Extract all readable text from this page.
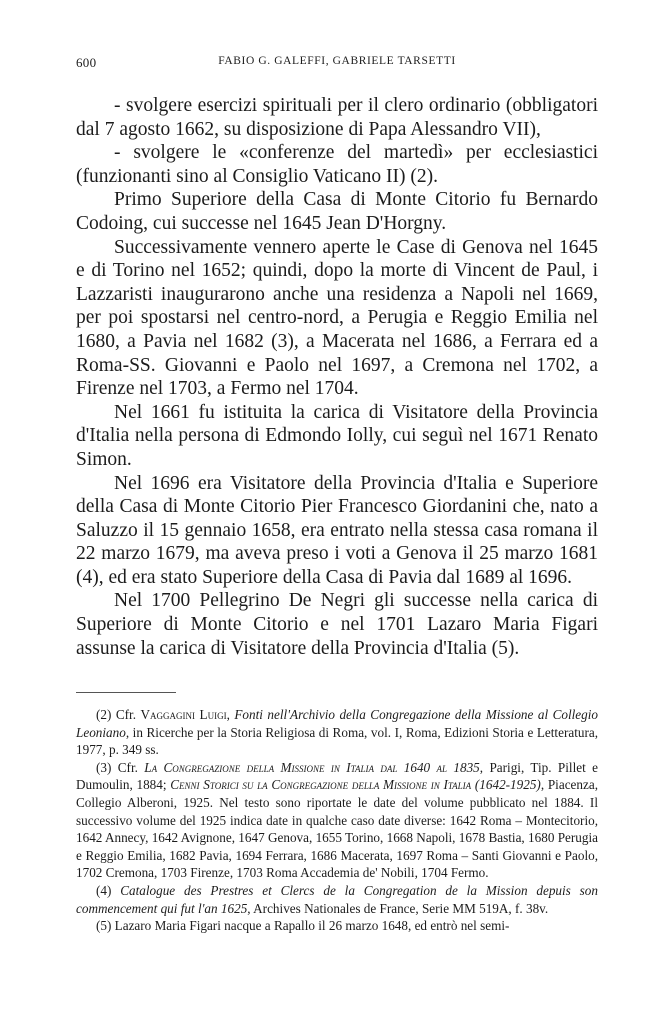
600	FABIO G. GALEFFI, GABRIELE TARSETTI

- svolgere esercizi spirituali per il clero ordinario (obbligatori dal 7 agosto 1662, su disposizione di Papa Alessandro VII),

- svolgere le «conferenze del martedì» per ecclesiastici (funzionanti sino al Consiglio Vaticano II) (2).

Primo Superiore della Casa di Monte Citorio fu Bernardo Codoing, cui successe nel 1645 Jean D'Horgny.

Successivamente vennero aperte le Case di Genova nel 1645 e di Torino nel 1652; quindi, dopo la morte di Vincent de Paul, i Lazzaristi inaugurarono anche una residenza a Napoli nel 1669, per poi spostarsi nel centro-nord, a Perugia e Reggio Emilia nel 1680, a Pavia nel 1682 (3), a Macerata nel 1686, a Ferrara ed a Roma-SS. Giovanni e Paolo nel 1697, a Cremona nel 1702, a Firenze nel 1703, a Fermo nel 1704.

Nel 1661 fu istituita la carica di Visitatore della Provincia d'Italia nella persona di Edmondo Iolly, cui seguì nel 1671 Renato Simon.

Nel 1696 era Visitatore della Provincia d'Italia e Superiore della Casa di Monte Citorio Pier Francesco Giordanini che, nato a Saluzzo il 15 gennaio 1658, era entrato nella stessa casa romana il 22 marzo 1679, ma aveva preso i voti a Genova il 25 marzo 1681 (4), ed era stato Superiore della Casa di Pavia dal 1689 al 1696.

Nel 1700 Pellegrino De Negri gli successe nella carica di Superiore di Monte Citorio e nel 1701 Lazaro Maria Figari assunse la carica di Visitatore della Provincia d'Italia (5).

(2) Cfr. Vaggagini Luigi, Fonti nell'Archivio della Congregazione della Missione al Collegio Leoniano, in Ricerche per la Storia Religiosa di Roma, vol. I, Roma, Edizioni Storia e Letteratura, 1977, p. 349 ss.

(3) Cfr. La Congregazione della Missione in Italia dal 1640 al 1835, Parigi, Tip. Pillet e Dumoulin, 1884; Cenni Storici su la Congregazione della Missione in Italia (1642-1925), Piacenza, Collegio Alberoni, 1925. Nel testo sono riportate le date del volume pubblicato nel 1884. Il successivo volume del 1925 indica date in qualche caso date diverse: 1642 Roma – Montecitorio, 1642 Annecy, 1642 Avignone, 1647 Genova, 1655 Torino, 1668 Napoli, 1678 Bastia, 1680 Perugia e Reggio Emilia, 1682 Pavia, 1694 Ferrara, 1686 Macerata, 1697 Roma – Santi Giovanni e Paolo, 1702 Cremona, 1703 Firenze, 1703 Roma Accademia de' Nobili, 1704 Fermo.

(4) Catalogue des Prestres et Clercs de la Congregation de la Mission depuis son commencement qui fut l'an 1625, Archives Nationales de France, Serie MM 519A, f. 38v.

(5) Lazaro Maria Figari nacque a Rapallo il 26 marzo 1648, ed entrò nel semi-
